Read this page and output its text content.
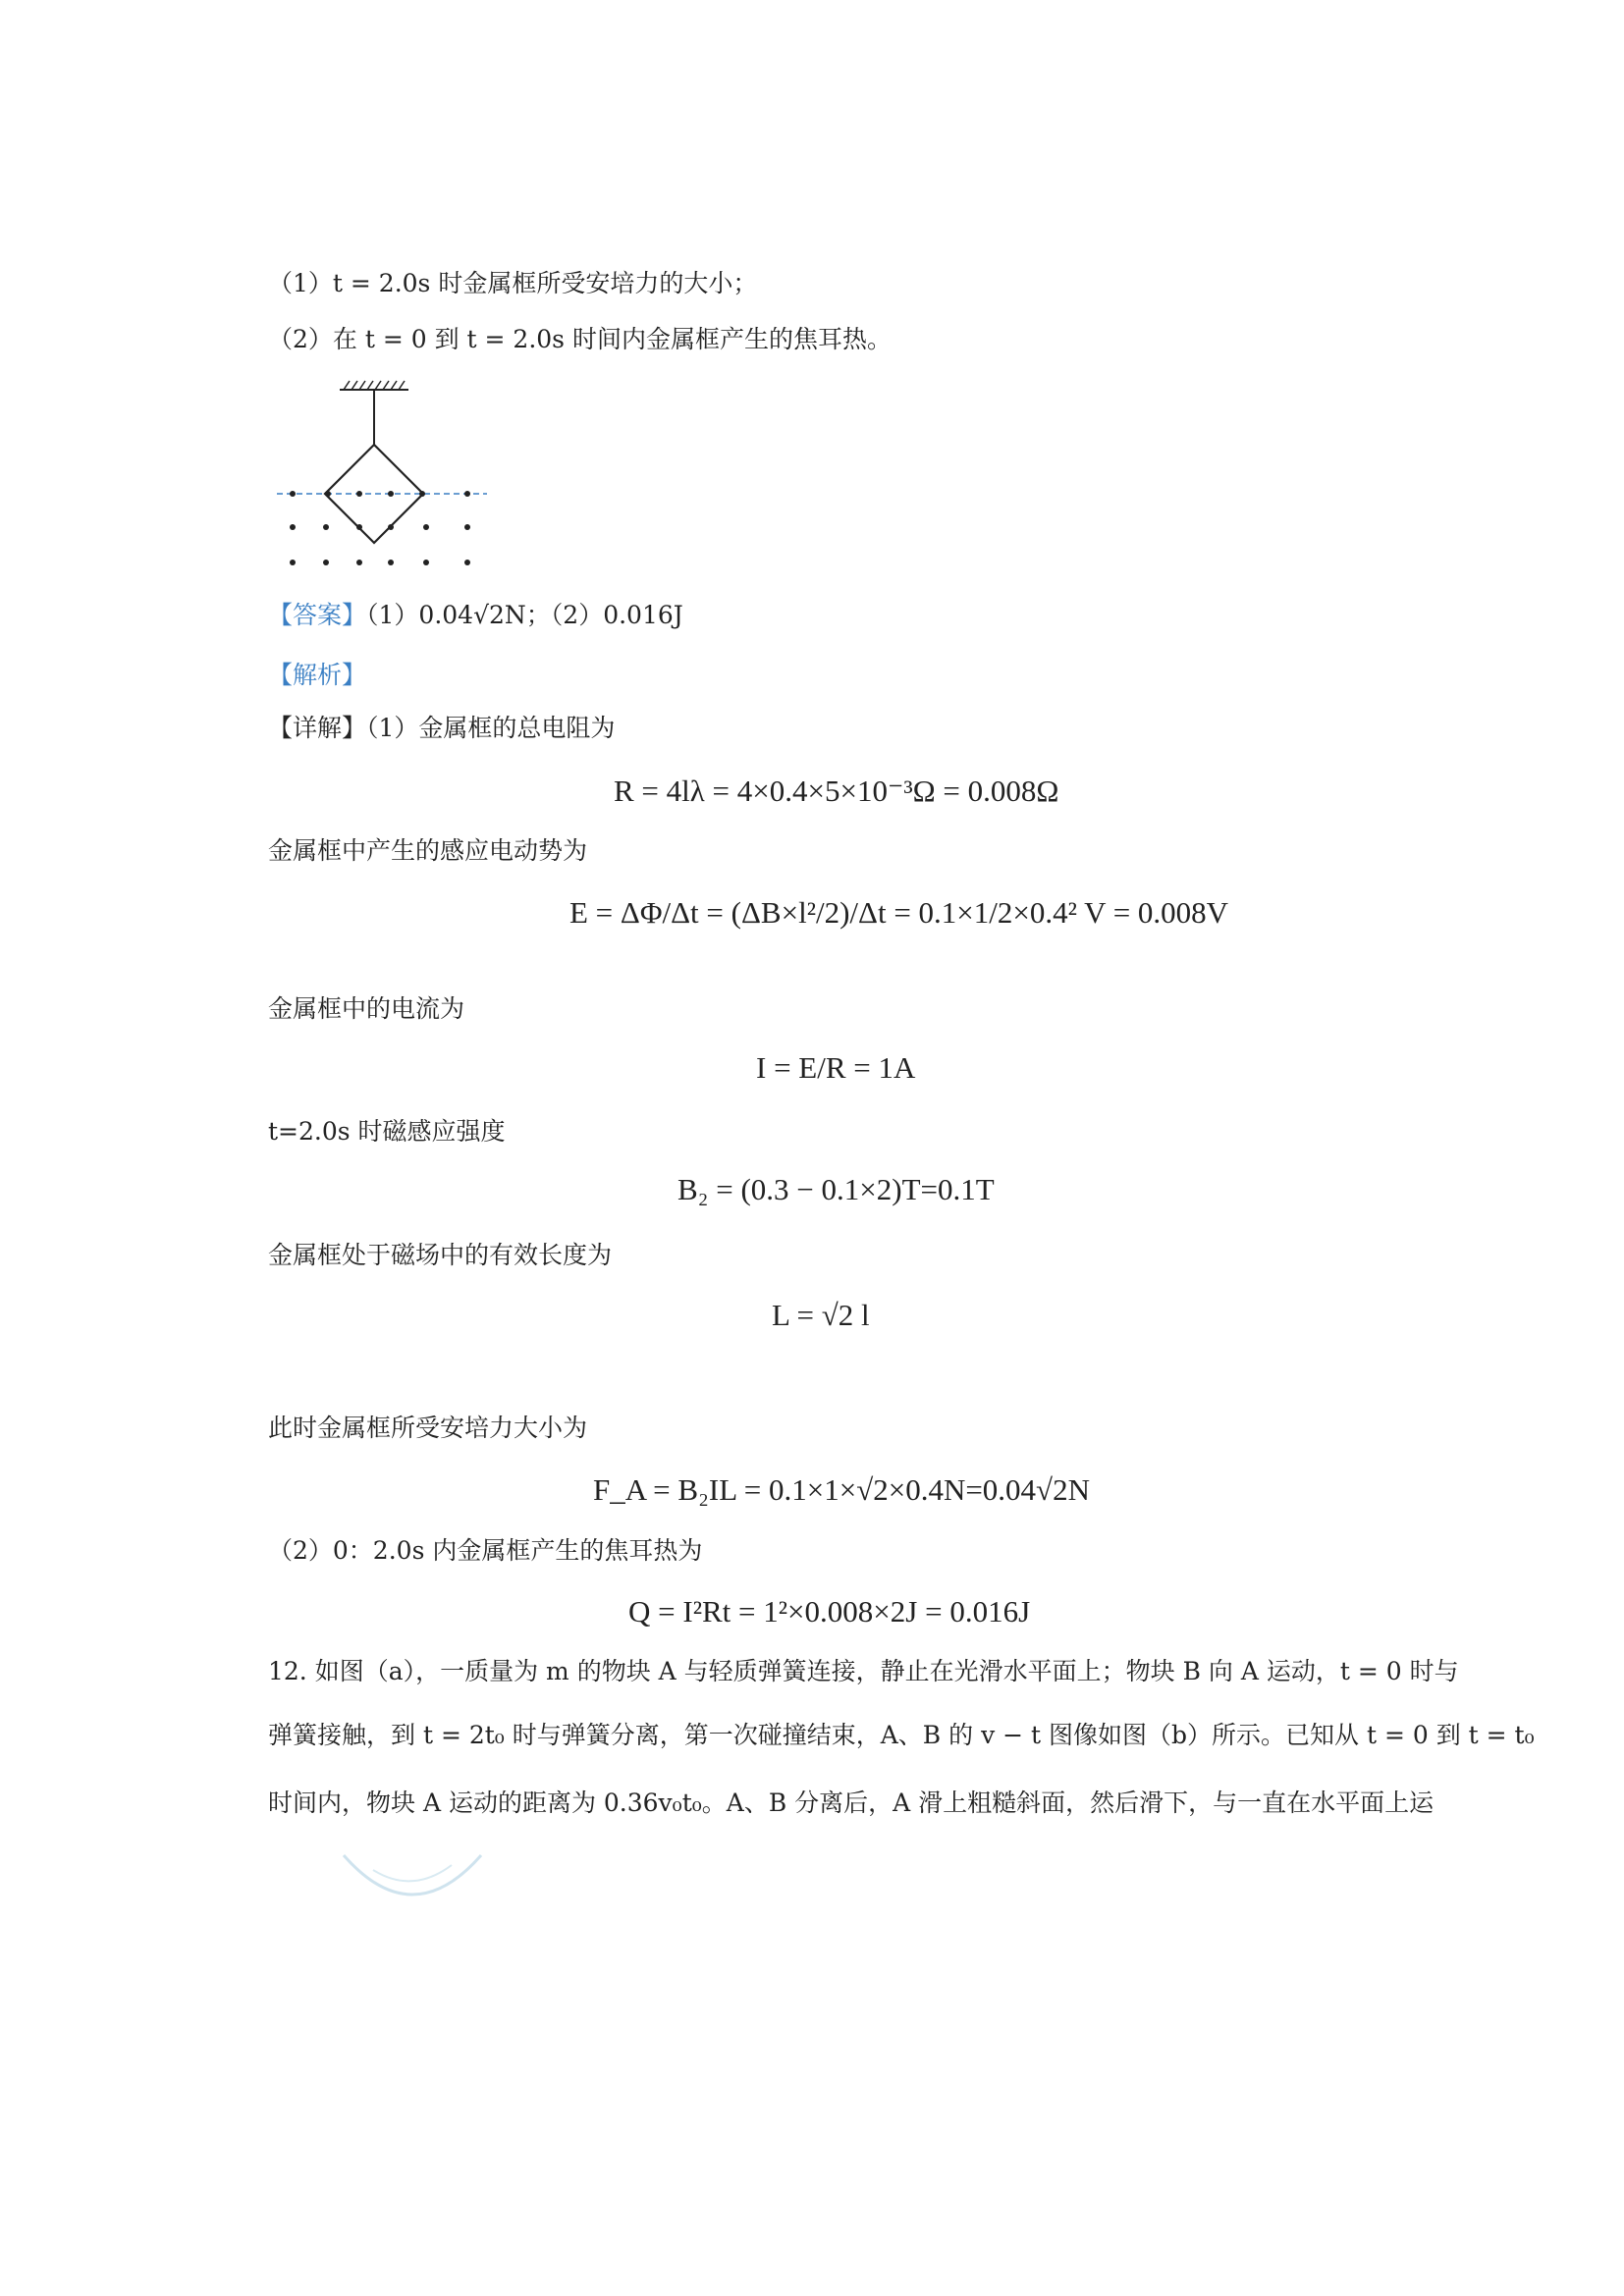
（1）t = 2.0s 时金属框所受安培力的大小；
（2）在 t = 0 到 t = 2.0s 时间内金属框产生的焦耳热。
【答案】（1）0.04√2N；（2）0.016J
【解析】
【详解】（1）金属框的总电阻为
R = 4lλ = 4×0.4×5×10⁻³Ω = 0.008Ω
金属框中产生的感应电动势为
E = ΔΦ/Δt = (ΔB×l²/2)/Δt = 0.1×1/2×0.4² V = 0.008V
金属框中的电流为
I = E/R = 1A
t=2.0s 时磁感应强度
B₂ = (0.3 − 0.1×2)T=0.1T
金属框处于磁场中的有效长度为
L = √2 l
此时金属框所受安培力大小为
F_A = B₂IL = 0.1×1×√2×0.4N=0.04√2N
（2）0：2.0s 内金属框产生的焦耳热为
Q = I²Rt = 1²×0.008×2J = 0.016J
12. 如图（a），一质量为 m 的物块 A 与轻质弹簧连接，静止在光滑水平面上；物块 B 向 A 运动，t = 0 时与
弹簧接触，到 t = 2t₀ 时与弹簧分离，第一次碰撞结束，A、B 的 v − t 图像如图（b）所示。已知从 t = 0 到 t = t₀
时间内，物块 A 运动的距离为 0.36v₀t₀。A、B 分离后，A 滑上粗糙斜面，然后滑下，与一直在水平面上运
